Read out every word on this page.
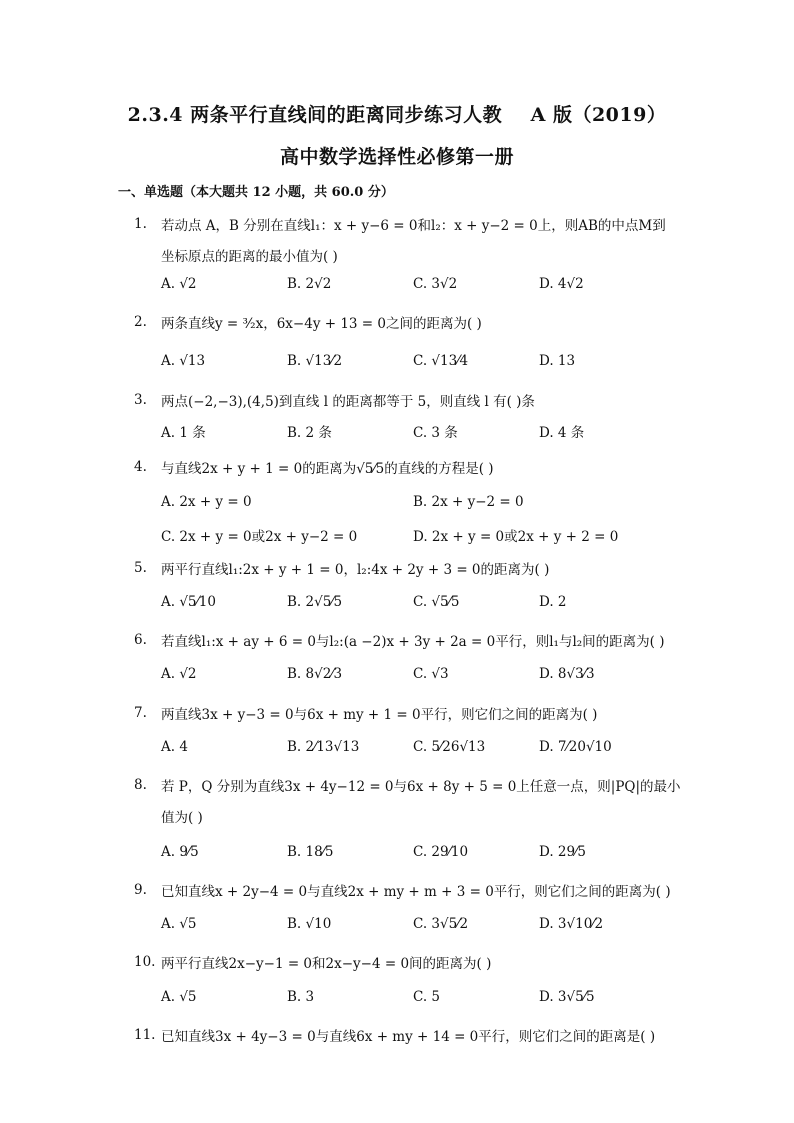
2.3.4 两条平行直线间的距离同步练习人教    A 版（2019）
高中数学选择性必修第一册
一、单选题（本大题共 12 小题，共 60.0 分）
1. 若动点 A，B 分别在直线l₁：x + y−6 = 0和l₂：x + y−2 = 0上，则AB的中点M到
坐标原点的距离的最小值为( )
A. √2	B. 2√2	C. 3√2	D. 4√2
2. 两条直线y = ³⁄₂x，6x−4y + 13 = 0之间的距离为( )
A. √13	B. √13⁄2	C. √13⁄4	D. 13
3. 两点(−2,−3),(4,5)到直线 l 的距离都等于 5，则直线 l 有( )条
A. 1 条	B. 2 条	C. 3 条	D. 4 条
4. 与直线2x + y + 1 = 0的距离为√5⁄5的直线的方程是( )
A. 2x + y = 0	B. 2x + y−2 = 0
C. 2x + y = 0或2x + y−2 = 0	D. 2x + y = 0或2x + y + 2 = 0
5. 两平行直线l₁:2x + y + 1 = 0，l₂:4x + 2y + 3 = 0的距离为( )
A. √5⁄10	B. 2√5⁄5	C. √5⁄5	D. 2
6. 若直线l₁:x + ay + 6 = 0与l₂:(a −2)x + 3y + 2a = 0平行，则l₁与l₂间的距离为( )
A. √2	B. 8√2⁄3	C. √3	D. 8√3⁄3
7. 两直线3x + y−3 = 0与6x + my + 1 = 0平行，则它们之间的距离为( )
A. 4	B. 2⁄13√13	C. 5⁄26√13	D. 7⁄20√10
8. 若 P，Q 分别为直线3x + 4y−12 = 0与6x + 8y + 5 = 0上任意一点，则|PQ|的最小
值为( )
A. 9⁄5	B. 18⁄5	C. 29⁄10	D. 29⁄5
9. 已知直线x + 2y−4 = 0与直线2x + my + m + 3 = 0平行，则它们之间的距离为( )
A. √5	B. √10	C. 3√5⁄2	D. 3√10⁄2
10. 两平行直线2x−y−1 = 0和2x−y−4 = 0间的距离为( )
A. √5	B. 3	C. 5	D. 3√5⁄5
11. 已知直线3x + 4y−3 = 0与直线6x + my + 14 = 0平行，则它们之间的距离是( )
